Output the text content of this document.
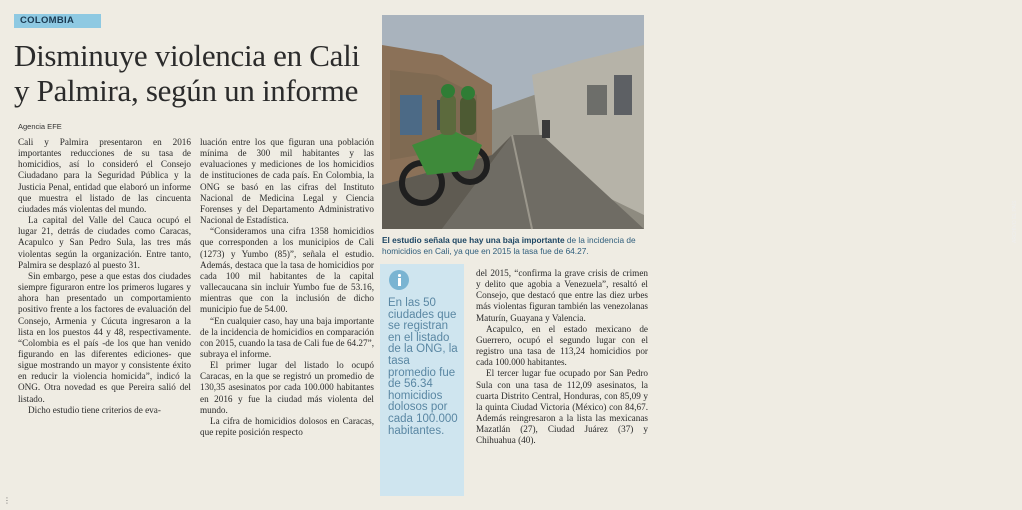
COLOMBIA
Disminuye violencia en Cali y Palmira, según un informe
Agencia EFE

Cali y Palmira presentaron en 2016 importantes reducciones de su tasa de homicidios, así lo consideró el Consejo Ciudadano para la Seguridad Pública y la Justicia Penal, entidad que elaboró un informe que muestra el listado de las cincuenta ciudades más violentas del mundo.

La capital del Valle del Cauca ocupó el lugar 21, detrás de ciudades como Caracas, Acapulco y San Pedro Sula, las tres más violentas según la organización. Entre tanto, Palmira se desplazó al puesto 31.

Sin embargo, pese a que estas dos ciudades siempre figuraron entre los primeros lugares y ahora han presentado un comportamiento positivo frente a los factores de evaluación del Consejo, Armenia y Cúcuta ingresaron a la lista en los puestos 44 y 48, respectivamente. “Colombia es el país -de los que han venido figurando en las diferentes ediciones- que sigue mostrando un mayor y consistente éxito en reducir la violencia homicida”, indicó la ONG. Otra novedad es que Pereira salió del listado.

Dicho estudio tiene criterios de eva-

luación entre los que figuran una población mínima de 300 mil habitantes y las evaluaciones y mediciones de los homicidios de instituciones de cada país. En Colombia, la ONG se basó en las cifras del Instituto Nacional de Medicina Legal y Ciencia Forenses y del Departamento Administrativo Nacional de Estadística.

“Consideramos una cifra 1358 homicidios que corresponden a los municipios de Cali (1273) y Yumbo (85)”, señala el estudio. Además, destaca que la tasa de homicidios por cada 100 mil habitantes de la capital vallecaucana sin incluir Yumbo fue de 53.16, mientras que con la inclusión de dicho municipio fue de 54.00.

“En cualquier caso, hay una baja importante de la incidencia de homicidios en comparación con 2015, cuando la tasa de Cali fue de 64.27”, subraya el informe.

El primer lugar del listado lo ocupó Caracas, en la que se registró un promedio de 130,35 asesinatos por cada 100.000 habitantes en 2016 y fue la ciudad más violenta del mundo.

La cifra de homicidios dolosos en Caracas, que repite posición respecto

ARCHIVO EL PAÍS
El estudio señala que hay una baja importante de la incidencia de homicidios en Cali, ya que en 2015 la tasa fue de 64.27.
En las 50 ciudades que se registran en el listado de la ONG, la tasa promedio fue de 56.34 homicidios dolosos por cada 100.000 habitantes.

del 2015, “confirma la grave crisis de crimen y delito que agobia a Venezuela”, resaltó el Consejo, que destacó que entre las diez urbes más violentas figuran también las venezolanas Maturín, Guayana y Valencia.

Acapulco, en el estado mexicano de Guerrero, ocupó el segundo lugar con el registro una tasa de 113,24 homicidios por cada 100.000 habitantes.

El tercer lugar fue ocupado por San Pedro Sula con una tasa de 112,09 asesinatos, la cuarta Distrito Central, Honduras, con 85,09 y la quinta Ciudad Victoria (México) con 84,67. Además reingresaron a la lista las mexicanas Mazatlán (27), Ciudad Juárez (37) y Chihuahua (40).

⋮
